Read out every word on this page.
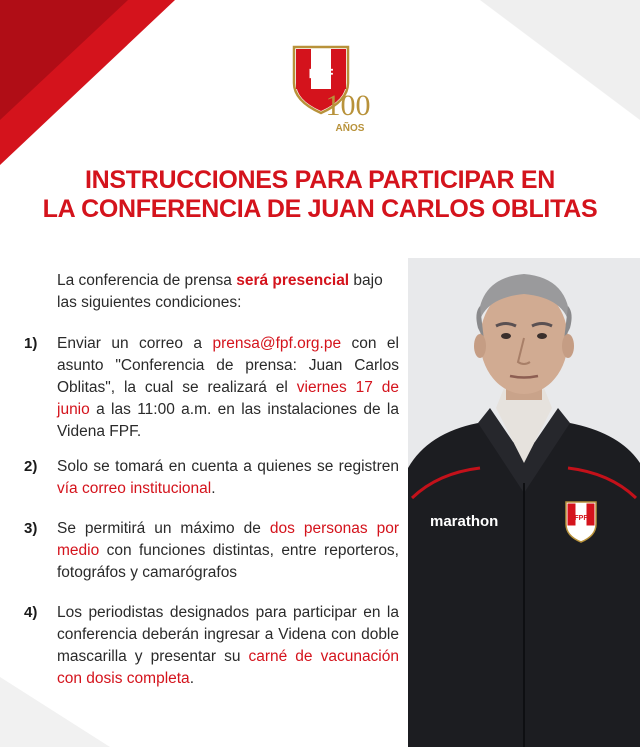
FPF
100
AÑOS
INSTRUCCIONES PARA PARTICIPAR EN
LA CONFERENCIA DE JUAN CARLOS OBLITAS
marathon	FPF
La conferencia de prensa será presencial bajo las siguientes condiciones:
1)	Enviar un correo a prensa@fpf.org.pe con el asunto "Conferencia de prensa: Juan Carlos Oblitas", la cual se realizará el viernes 17 de junio a las 11:00 a.m. en las instalaciones de la Videna FPF.
2)	Solo se tomará en cuenta a quienes se registren vía correo institucional.
3)	Se permitirá un máximo de dos personas por medio con funciones distintas, entre reporteros, fotográfos y camarógrafos
4)	Los periodistas designados para participar en la conferencia deberán ingresar a Videna con doble mascarilla y presentar su carné de vacunación con dosis completa.
